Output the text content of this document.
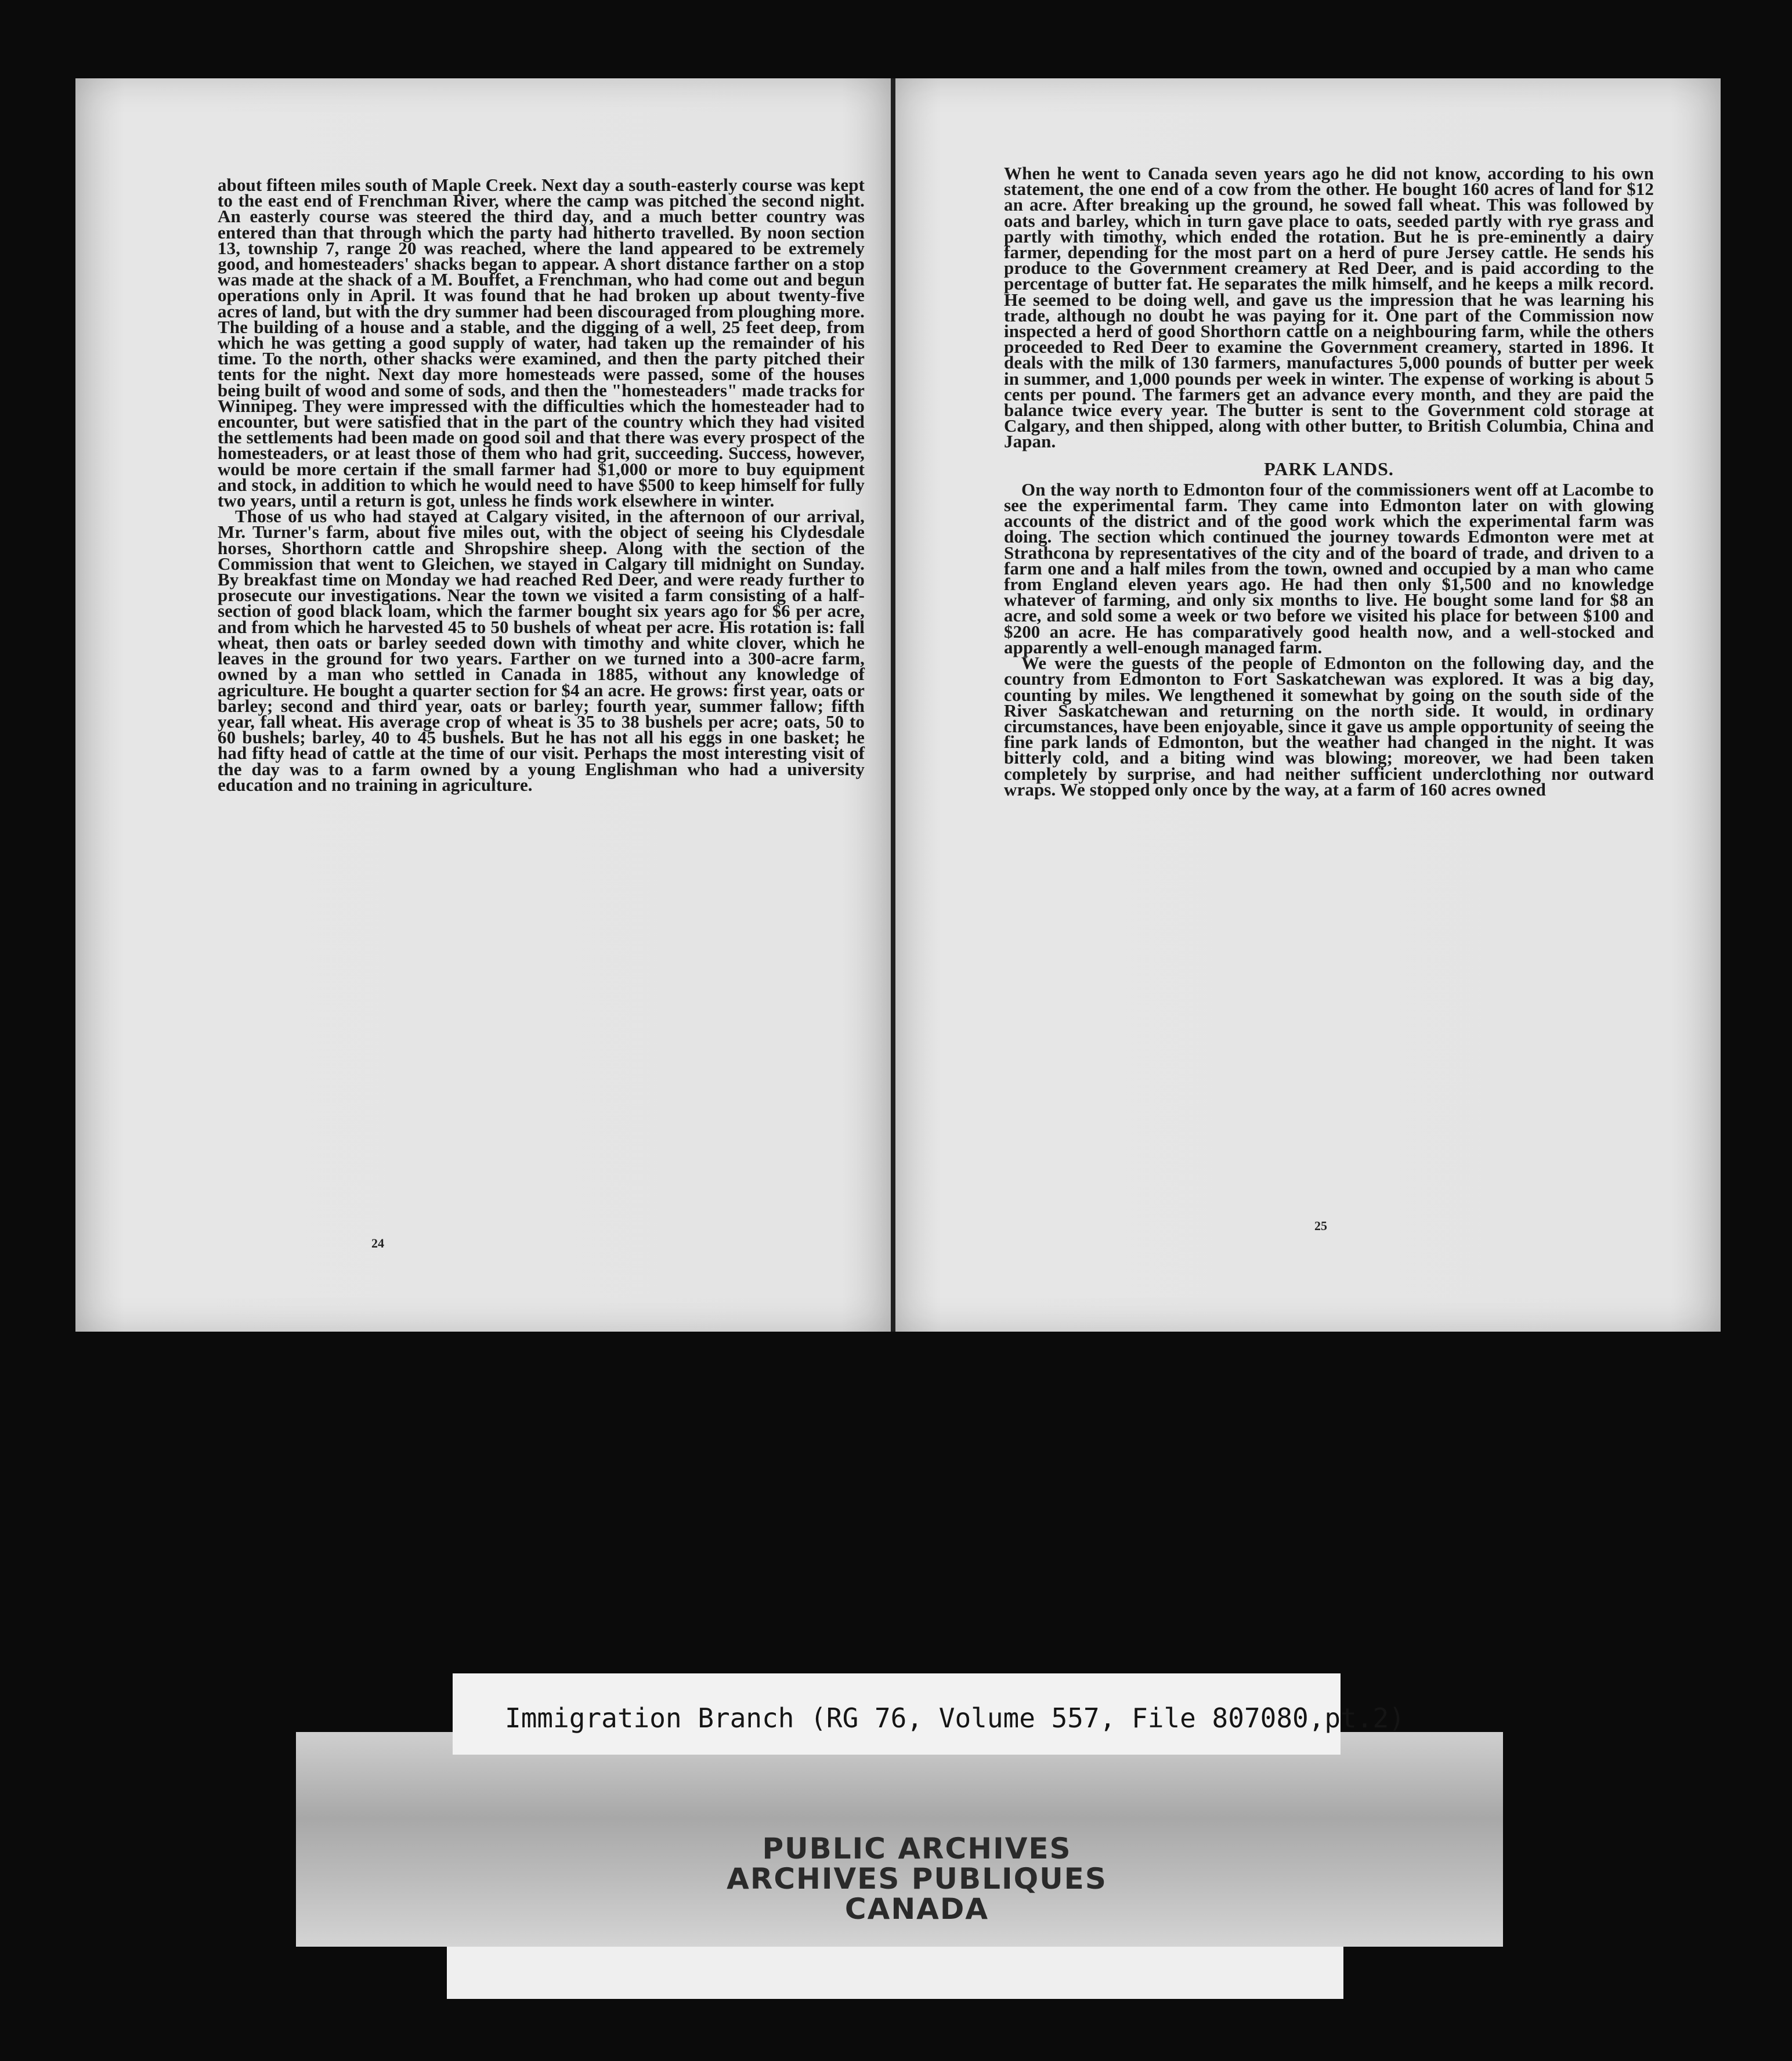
about fifteen miles south of Maple Creek. Next day a south-easterly course was kept to the east end of Frenchman River, where the camp was pitched the second night. An easterly course was steered the third day, and a much better country was entered than that through which the party had hitherto travelled. By noon section 13, township 7, range 20 was reached, where the land appeared to be extremely good, and homesteaders' shacks began to appear. A short distance farther on a stop was made at the shack of a M. Bouffet, a Frenchman, who had come out and begun operations only in April. It was found that he had broken up about twenty-five acres of land, but with the dry summer had been discouraged from ploughing more. The building of a house and a stable, and the digging of a well, 25 feet deep, from which he was getting a good supply of water, had taken up the remainder of his time. To the north, other shacks were examined, and then the party pitched their tents for the night. Next day more homesteads were passed, some of the houses being built of wood and some of sods, and then the "homesteaders" made tracks for Winnipeg. They were impressed with the difficulties which the homesteader had to encounter, but were satisfied that in the part of the country which they had visited the settlements had been made on good soil and that there was every prospect of the homesteaders, or at least those of them who had grit, succeeding. Success, however, would be more certain if the small farmer had $1,000 or more to buy equipment and stock, in addition to which he would need to have $500 to keep himself for fully two years, until a return is got, unless he finds work elsewhere in winter.

Those of us who had stayed at Calgary visited, in the afternoon of our arrival, Mr. Turner's farm, about five miles out, with the object of seeing his Clydesdale horses, Shorthorn cattle and Shropshire sheep. Along with the section of the Commission that went to Gleichen, we stayed in Calgary till midnight on Sunday. By breakfast time on Monday we had reached Red Deer, and were ready further to prosecute our investigations. Near the town we visited a farm consisting of a half-section of good black loam, which the farmer bought six years ago for $6 per acre, and from which he harvested 45 to 50 bushels of wheat per acre. His rotation is: fall wheat, then oats or barley seeded down with timothy and white clover, which he leaves in the ground for two years. Farther on we turned into a 300-acre farm, owned by a man who settled in Canada in 1885, without any knowledge of agriculture. He bought a quarter section for $4 an acre. He grows: first year, oats or barley; second and third year, oats or barley; fourth year, summer fallow; fifth year, fall wheat. His average crop of wheat is 35 to 38 bushels per acre; oats, 50 to 60 bushels; barley, 40 to 45 bushels. But he has not all his eggs in one basket; he had fifty head of cattle at the time of our visit. Perhaps the most interesting visit of the day was to a farm owned by a young Englishman who had a university education and no training in agriculture.

24

When he went to Canada seven years ago he did not know, according to his own statement, the one end of a cow from the other. He bought 160 acres of land for $12 an acre. After breaking up the ground, he sowed fall wheat. This was followed by oats and barley, which in turn gave place to oats, seeded partly with rye grass and partly with timothy, which ended the rotation. But he is pre-eminently a dairy farmer, depending for the most part on a herd of pure Jersey cattle. He sends his produce to the Government creamery at Red Deer, and is paid according to the percentage of butter fat. He separates the milk himself, and he keeps a milk record. He seemed to be doing well, and gave us the impression that he was learning his trade, although no doubt he was paying for it. One part of the Commission now inspected a herd of good Shorthorn cattle on a neighbouring farm, while the others proceeded to Red Deer to examine the Government creamery, started in 1896. It deals with the milk of 130 farmers, manufactures 5,000 pounds of butter per week in summer, and 1,000 pounds per week in winter. The expense of working is about 5 cents per pound. The farmers get an advance every month, and they are paid the balance twice every year. The butter is sent to the Government cold storage at Calgary, and then shipped, along with other butter, to British Columbia, China and Japan.

PARK LANDS.

On the way north to Edmonton four of the commissioners went off at Lacombe to see the experimental farm. They came into Edmonton later on with glowing accounts of the district and of the good work which the experimental farm was doing. The section which continued the journey towards Edmonton were met at Strathcona by representatives of the city and of the board of trade, and driven to a farm one and a half miles from the town, owned and occupied by a man who came from England eleven years ago. He had then only $1,500 and no knowledge whatever of farming, and only six months to live. He bought some land for $8 an acre, and sold some a week or two before we visited his place for between $100 and $200 an acre. He has comparatively good health now, and a well-stocked and apparently a well-enough managed farm.

We were the guests of the people of Edmonton on the following day, and the country from Edmonton to Fort Saskatchewan was explored. It was a big day, counting by miles. We lengthened it somewhat by going on the south side of the River Saskatchewan and returning on the north side. It would, in ordinary circumstances, have been enjoyable, since it gave us ample opportunity of seeing the fine park lands of Edmonton, but the weather had changed in the night. It was bitterly cold, and a biting wind was blowing; moreover, we had been taken completely by surprise, and had neither sufficient underclothing nor outward wraps. We stopped only once by the way, at a farm of 160 acres owned

25
Immigration Branch (RG 76, Volume 557, File 807080,pt.2)
PUBLIC ARCHIVES
ARCHIVES PUBLIQUES
CANADA
